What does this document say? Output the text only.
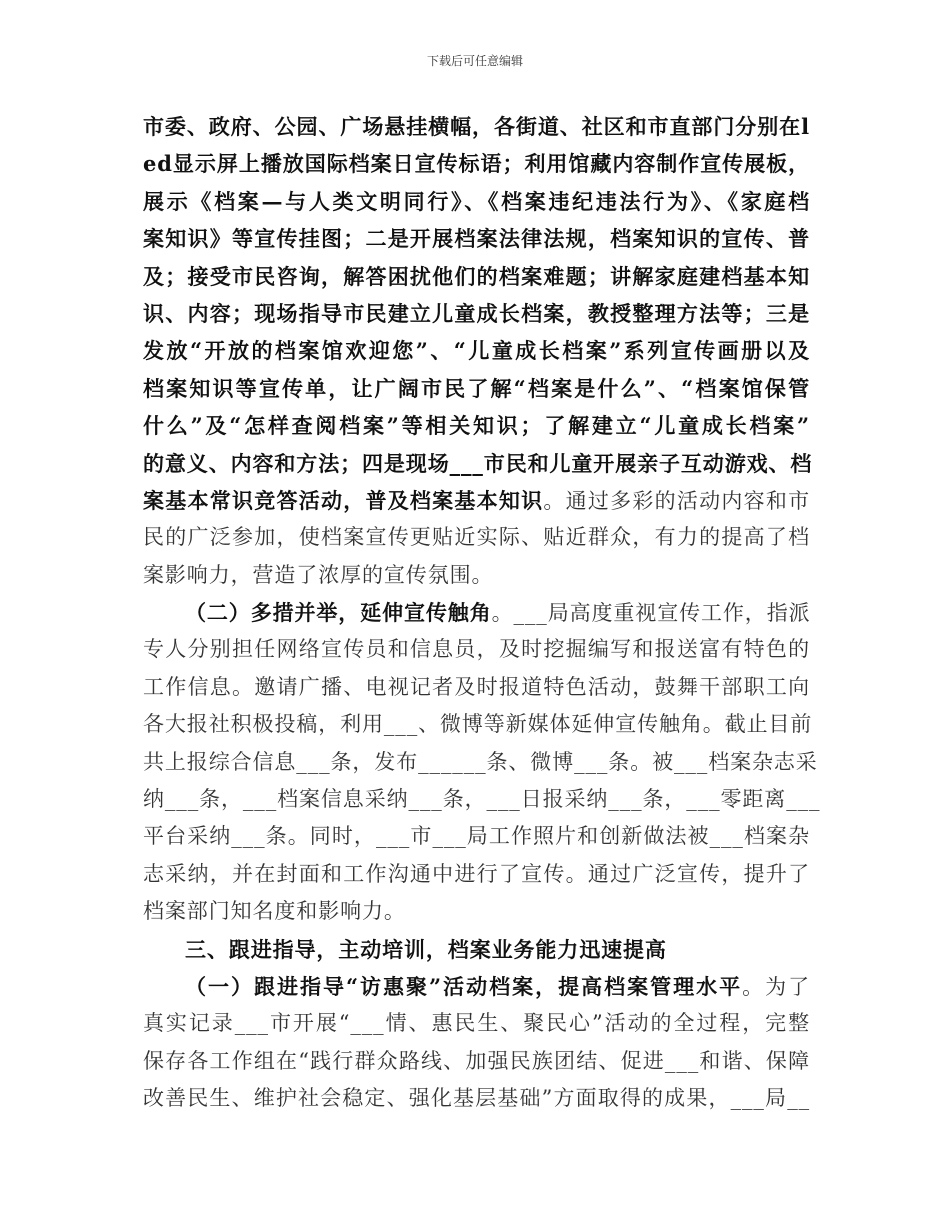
下载后可任意编辑
市委、政府、公园、广场悬挂横幅，各街道、社区和市直部门分别在l
ed显示屏上播放国际档案日宣传标语；利用馆藏内容制作宣传展板，
展示《档案—与人类文明同行》、《档案违纪违法行为》、《家庭档
案知识》等宣传挂图；二是开展档案法律法规，档案知识的宣传、普
及；接受市民咨询，解答困扰他们的档案难题；讲解家庭建档基本知
识、内容；现场指导市民建立儿童成长档案，教授整理方法等；三是
发放“开放的档案馆欢迎您”、“儿童成长档案”系列宣传画册以及
档案知识等宣传单，让广阔市民了解“档案是什么”、“档案馆保管
什么”及“怎样查阅档案”等相关知识；了解建立“儿童成长档案”
的意义、内容和方法；四是现场___市民和儿童开展亲子互动游戏、档
案基本常识竞答活动，普及档案基本知识。通过多彩的活动内容和市
民的广泛参加，使档案宣传更贴近实际、贴近群众，有力的提高了档
案影响力，营造了浓厚的宣传氛围。
（二）多措并举，延伸宣传触角。___局高度重视宣传工作，指派
专人分别担任网络宣传员和信息员，及时挖掘编写和报送富有特色的
工作信息。邀请广播、电视记者及时报道特色活动，鼓舞干部职工向
各大报社积极投稿，利用___、微博等新媒体延伸宣传触角。截止目前
共上报综合信息___条，发布______条、微博___条。被___档案杂志采
纳___条，___档案信息采纳___条，___日报采纳___条，___零距离___
平台采纳___条。同时，___市___局工作照片和创新做法被___档案杂
志采纳，并在封面和工作沟通中进行了宣传。通过广泛宣传，提升了
档案部门知名度和影响力。
三、跟进指导，主动培训，档案业务能力迅速提高
（一）跟进指导“访惠聚”活动档案，提高档案管理水平。为了
真实记录___市开展“___情、惠民生、聚民心”活动的全过程，完整
保存各工作组在“践行群众路线、加强民族团结、促进___和谐、保障
改善民生、维护社会稳定、强化基层基础”方面取得的成果，___局__
